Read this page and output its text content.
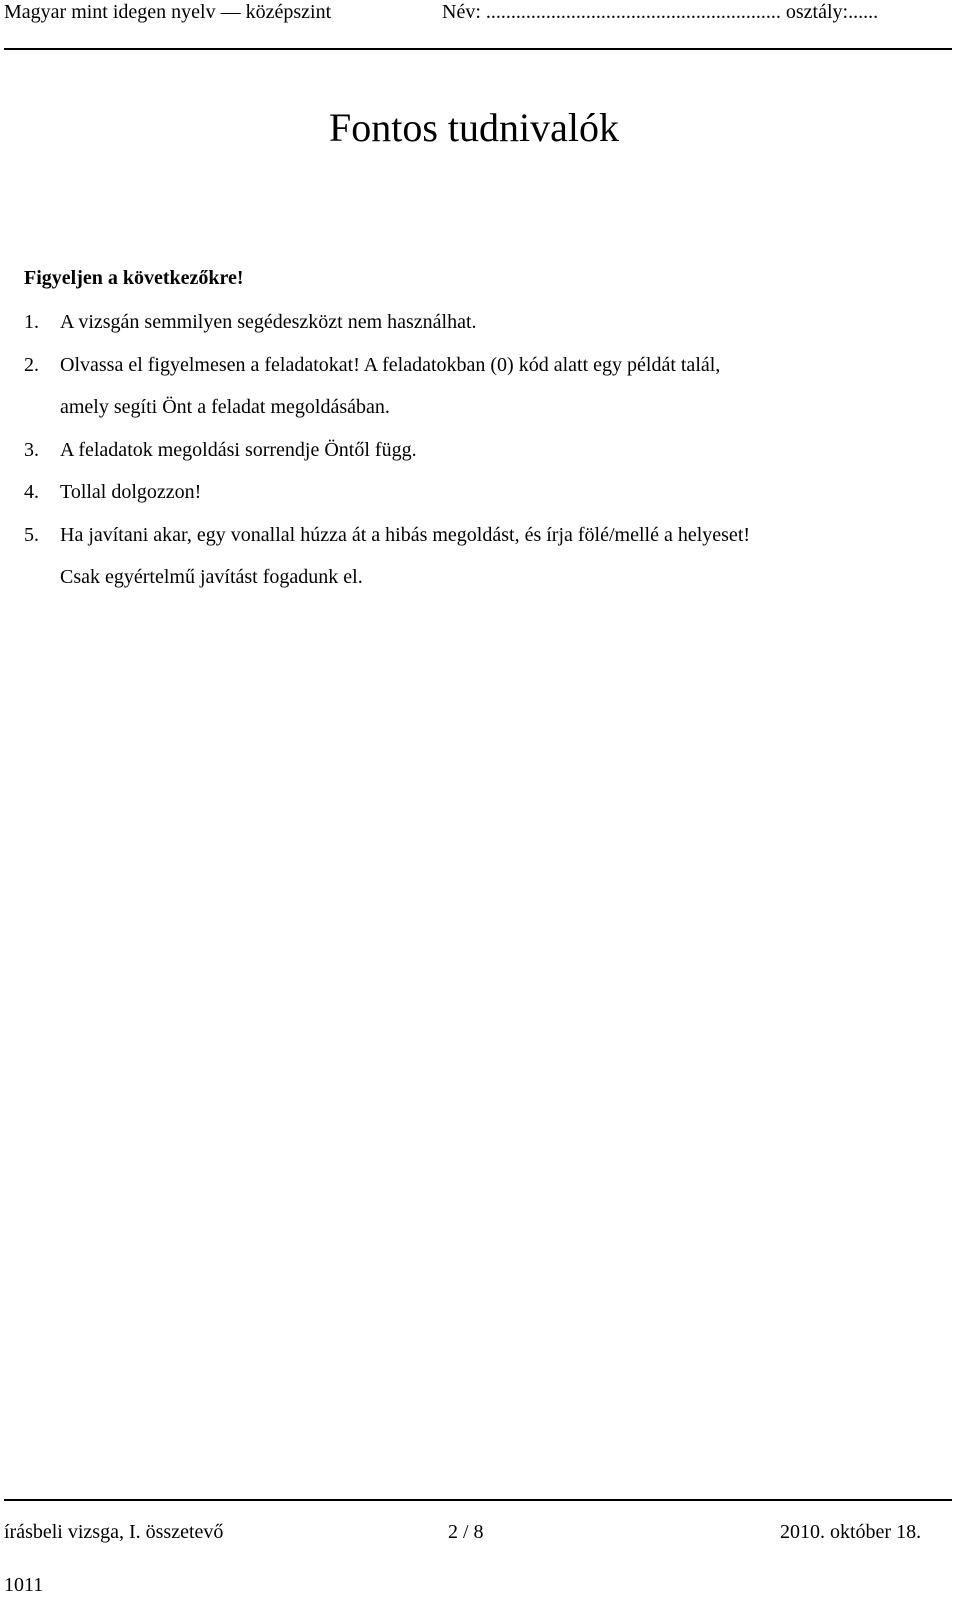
Magyar mint idegen nyelv — középszint	Név: ........................................................... osztály:......
Fontos tudnivalók
Figyeljen a következőkre!
1. A vizsgán semmilyen segédeszközt nem használhat.
2. Olvassa el figyelmesen a feladatokat! A feladatokban (0) kód alatt egy példát talál,
amely segíti Önt a feladat megoldásában.
3. A feladatok megoldási sorrendje Öntől függ.
4. Tollal dolgozzon!
5. Ha javítani akar, egy vonallal húzza át a hibás megoldást, és írja fölé/mellé a helyeset!
Csak egyértelmű javítást fogadunk el.
írásbeli vizsga, I. összetevő	2 / 8	2010. október 18.
1011
